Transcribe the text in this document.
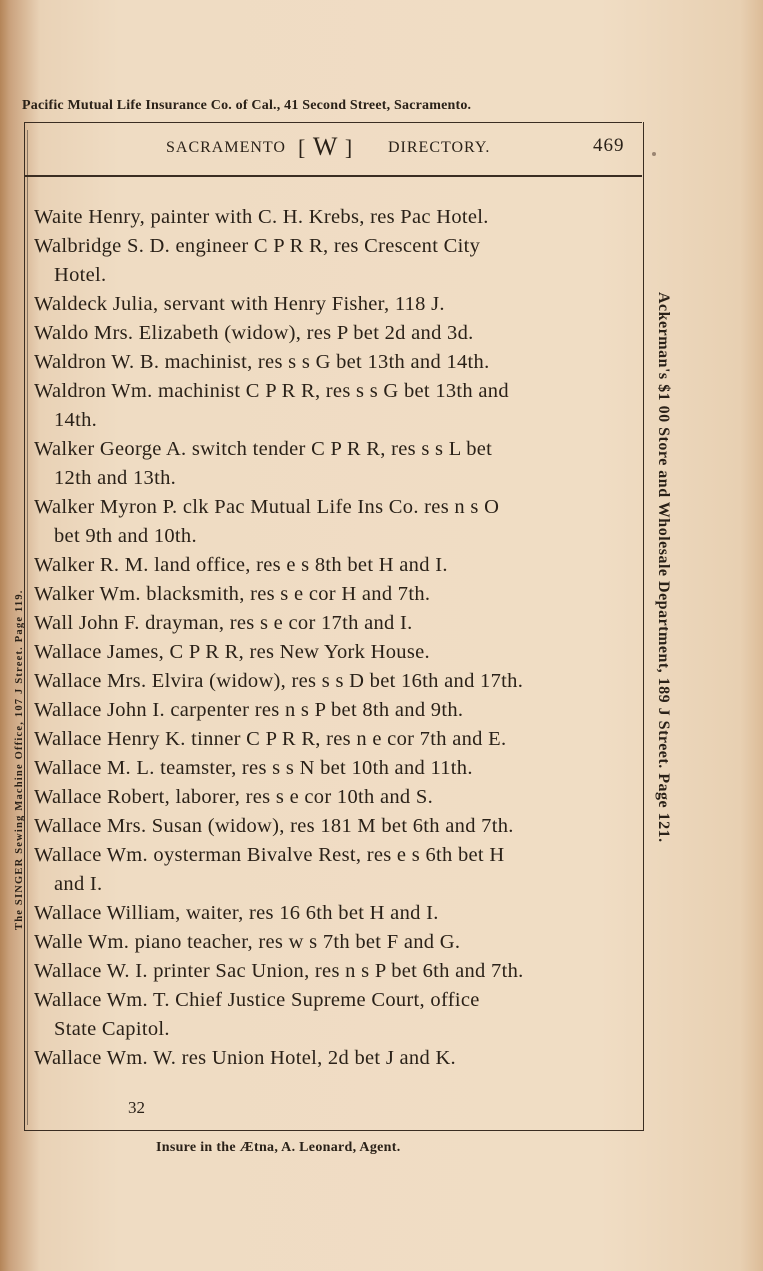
Pacific Mutual Life Insurance Co. of Cal., 41 Second Street, Sacramento.
SACRAMENTO [ W ] DIRECTORY.	469
Waite Henry, painter with C. H. Krebs, res Pac Hotel.
Walbridge S. D. engineer C P R R, res Crescent City
Hotel.
Waldeck Julia, servant with Henry Fisher, 118 J.
Waldo Mrs. Elizabeth (widow), res P bet 2d and 3d.
Waldron W. B. machinist, res s s G bet 13th and 14th.
Waldron Wm. machinist C P R R, res s s G bet 13th and
14th.
Walker George A. switch tender C P R R, res s s L bet
12th and 13th.
Walker Myron P. clk Pac Mutual Life Ins Co. res n s O
bet 9th and 10th.
Walker R. M. land office, res e s 8th bet H and I.
Walker Wm. blacksmith, res s e cor H and 7th.
Wall John F. drayman, res s e cor 17th and I.
Wallace James, C P R R, res New York House.
Wallace Mrs. Elvira (widow), res s s D bet 16th and 17th.
Wallace John I. carpenter res n s P bet 8th and 9th.
Wallace Henry K. tinner C P R R, res n e cor 7th and E.
Wallace M. L. teamster, res s s N bet 10th and 11th.
Wallace Robert, laborer, res s e cor 10th and S.
Wallace Mrs. Susan (widow), res 181 M bet 6th and 7th.
Wallace Wm. oysterman Bivalve Rest, res e s 6th bet H
and I.
Wallace William, waiter, res 16 6th bet H and I.
Walle Wm. piano teacher, res w s 7th bet F and G.
Wallace W. I. printer Sac Union, res n s P bet 6th and 7th.
Wallace Wm. T. Chief Justice Supreme Court, office
State Capitol.
Wallace Wm. W. res Union Hotel, 2d bet J and K.
32
Insure in the Ætna, A. Leonard, Agent.
The SINGER Sewing Machine Office, 107 J Street. Page 119.	Ackerman's $1 00 Store and Wholesale Department, 189 J Street. Page 121.
